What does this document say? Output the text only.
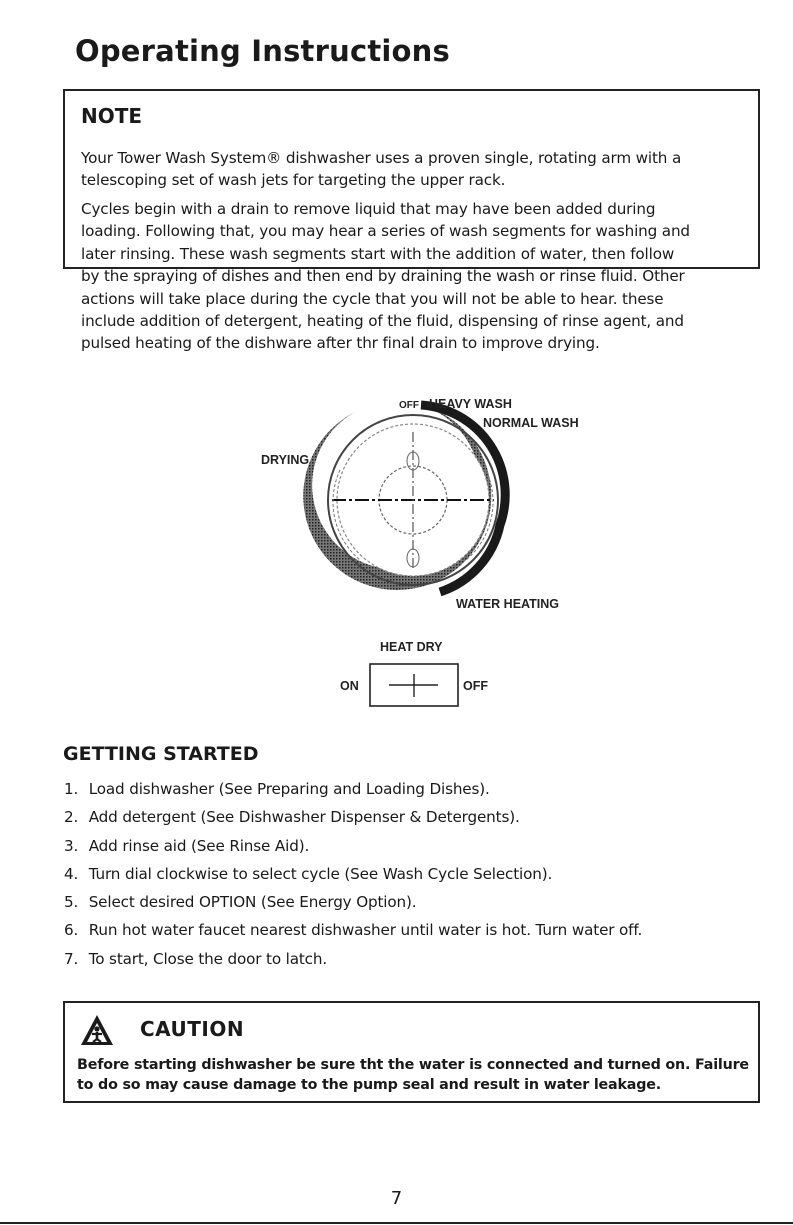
Operating Instructions
NOTE

Your Tower Wash System® dishwasher uses a proven single, rotating arm with a
telescoping set of wash jets for targeting the upper rack.

Cycles begin with a drain to remove liquid that may have been added during
loading. Following that, you may hear a series of wash segments for washing and
later rinsing. These wash segments start with the addition of water, then follow
by the spraying of dishes and then end by draining the wash or rinse fluid. Other
actions will take place during the cycle that you will not be able to hear. these
include addition of detergent, heating of the fluid, dispensing of rinse agent, and
pulsed heating of the dishware after thr final drain to improve drying.

OFF HEAVY WASH
NORMAL WASH
DRYING
WATER HEATING
HEAT DRY
ON	OFF
GETTING STARTED
1. Load dishwasher (See Preparing and Loading Dishes).
2. Add detergent (See Dishwasher Dispenser & Detergents).
3. Add rinse aid (See Rinse Aid).
4. Turn dial clockwise to select cycle (See Wash Cycle Selection).
5. Select desired OPTION (See Energy Option).
6. Run hot water faucet nearest dishwasher until water is hot. Turn water off.
7. To start, Close the door to latch.
CAUTION

Before starting dishwasher be sure tht the water is connected and turned on. Failure
to do so may cause damage to the pump seal and result in water leakage.

7
